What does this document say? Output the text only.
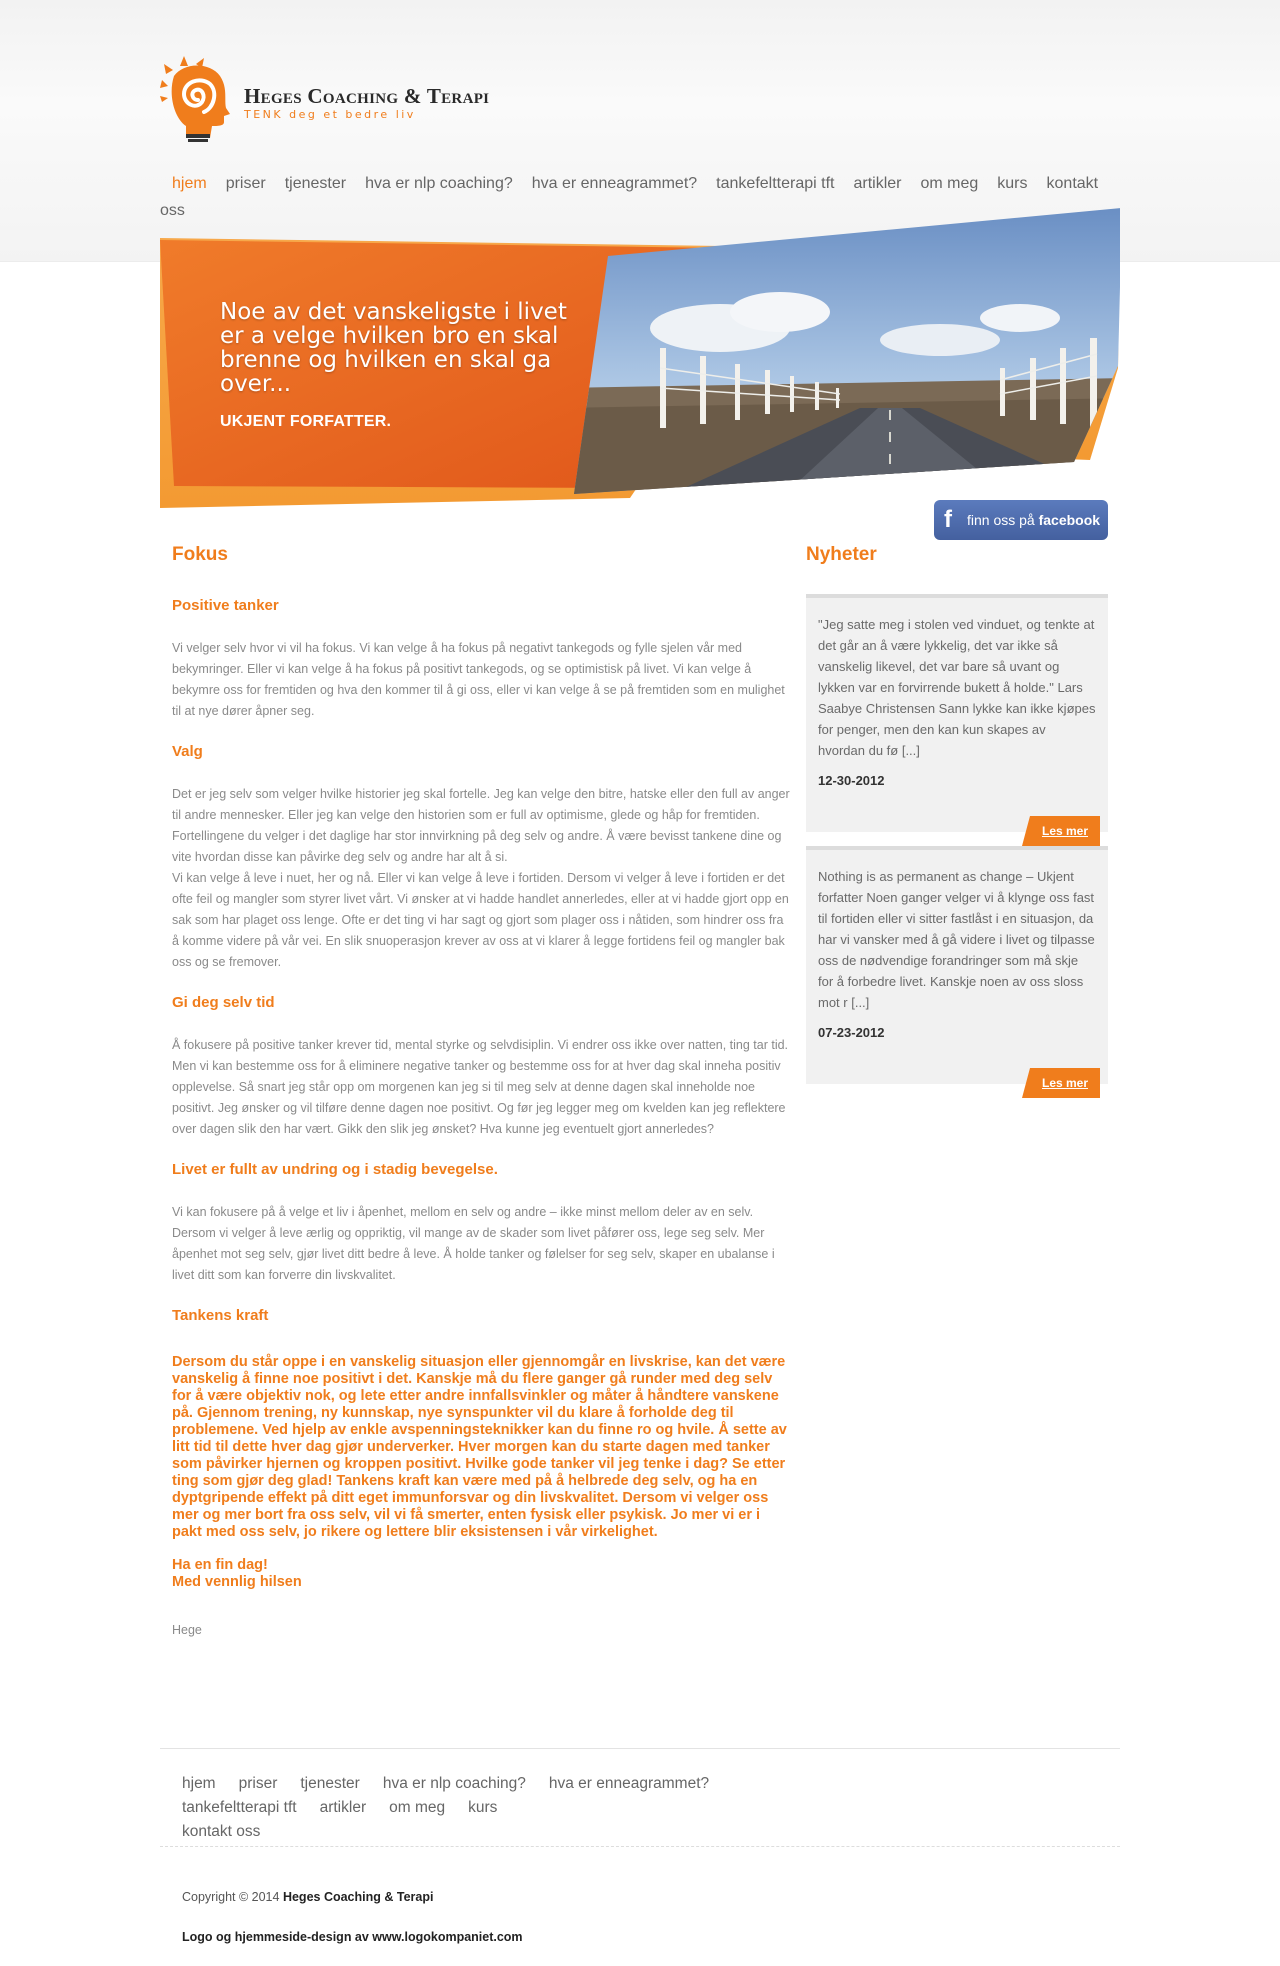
Heges Coaching & Terapi
TENK deg et bedre liv
hjem priser tjenester hva er nlp coaching? hva er enneagrammet? tankefeltterapi tft artikler om meg kurs kontakt
oss
Noe av det vanskeligste i livet er a velge hvilken bro en skal brenne og hvilken en skal ga over...
UKJENT FORFATTER.
f finn oss på facebook
Fokus
Positive tanker

Vi velger selv hvor vi vil ha fokus. Vi kan velge å ha fokus på negativt tankegods og fylle sjelen vår med bekymringer. Eller vi kan velge å ha fokus på positivt tankegods, og se optimistisk på livet. Vi kan velge å bekymre oss for fremtiden og hva den kommer til å gi oss, eller vi kan velge å se på fremtiden som en mulighet til at nye dører åpner seg.

Valg

Det er jeg selv som velger hvilke historier jeg skal fortelle. Jeg kan velge den bitre, hatske eller den full av anger til andre mennesker. Eller jeg kan velge den historien som er full av optimisme, glede og håp for fremtiden. Fortellingene du velger i det daglige har stor innvirkning på deg selv og andre. Å være bevisst tankene dine og vite hvordan disse kan påvirke deg selv og andre har alt å si.

Vi kan velge å leve i nuet, her og nå. Eller vi kan velge å leve i fortiden. Dersom vi velger å leve i fortiden er det ofte feil og mangler som styrer livet vårt. Vi ønsker at vi hadde handlet annerledes, eller at vi hadde gjort opp en sak som har plaget oss lenge. Ofte er det ting vi har sagt og gjort som plager oss i nåtiden, som hindrer oss fra å komme videre på vår vei. En slik snuoperasjon krever av oss at vi klarer å legge fortidens feil og mangler bak oss og se fremover.

Gi deg selv tid

Å fokusere på positive tanker krever tid, mental styrke og selvdisiplin. Vi endrer oss ikke over natten, ting tar tid. Men vi kan bestemme oss for å eliminere negative tanker og bestemme oss for at hver dag skal inneha positiv opplevelse. Så snart jeg står opp om morgenen kan jeg si til meg selv at denne dagen skal inneholde noe positivt. Jeg ønsker og vil tilføre denne dagen noe positivt. Og før jeg legger meg om kvelden kan jeg reflektere over dagen slik den har vært. Gikk den slik jeg ønsket? Hva kunne jeg eventuelt gjort annerledes?

Livet er fullt av undring og i stadig bevegelse.

Vi kan fokusere på å velge et liv i åpenhet, mellom en selv og andre – ikke minst mellom deler av en selv. Dersom vi velger å leve ærlig og oppriktig, vil mange av de skader som livet påfører oss, lege seg selv. Mer åpenhet mot seg selv, gjør livet ditt bedre å leve. Å holde tanker og følelser for seg selv, skaper en ubalanse i livet ditt som kan forverre din livskvalitet.

Tankens kraft

Dersom du står oppe i en vanskelig situasjon eller gjennomgår en livskrise, kan det være vanskelig å finne noe positivt i det. Kanskje må du flere ganger gå runder med deg selv for å være objektiv nok, og lete etter andre innfallsvinkler og måter å håndtere vanskene på. Gjennom trening, ny kunnskap, nye synspunkter vil du klare å forholde deg til problemene. Ved hjelp av enkle avspenningsteknikker kan du finne ro og hvile. Å sette av litt tid til dette hver dag gjør underverker. Hver morgen kan du starte dagen med tanker som påvirker hjernen og kroppen positivt. Hvilke gode tanker vil jeg tenke i dag? Se etter ting som gjør deg glad! Tankens kraft kan være med på å helbrede deg selv, og ha en dyptgripende effekt på ditt eget immunforsvar og din livskvalitet. Dersom vi velger oss mer og mer bort fra oss selv, vil vi få smerter, enten fysisk eller psykisk. Jo mer vi er i pakt med oss selv, jo rikere og lettere blir eksistensen i vår virkelighet.

Ha en fin dag!

Med vennlig hilsen

Hege

Nyheter

"Jeg satte meg i stolen ved vinduet, og tenkte at det går an å være lykkelig, det var ikke så vanskelig likevel, det var bare så uvant og lykken var en forvirrende bukett å holde." Lars Saabye Christensen Sann lykke kan ikke kjøpes for penger, men den kan kun skapes av hvordan du fø [...]

12-30-2012

Les mer

Nothing is as permanent as change – Ukjent forfatter Noen ganger velger vi å klynge oss fast til fortiden eller vi sitter fastlåst i en situasjon, da har vi vansker med å gå videre i livet og tilpasse oss de nødvendige forandringer som må skje for å forbedre livet. Kanskje noen av oss sloss mot r [...]

07-23-2012

Les mer
hjem priser tjenester hva er nlp coaching? hva er enneagrammet?tankefeltterapi tft artikler om meg kurs
kontakt oss
Copyright © 2014 Heges Coaching & Terapi
Logo og hjemmeside-design av www.logokompaniet.com
